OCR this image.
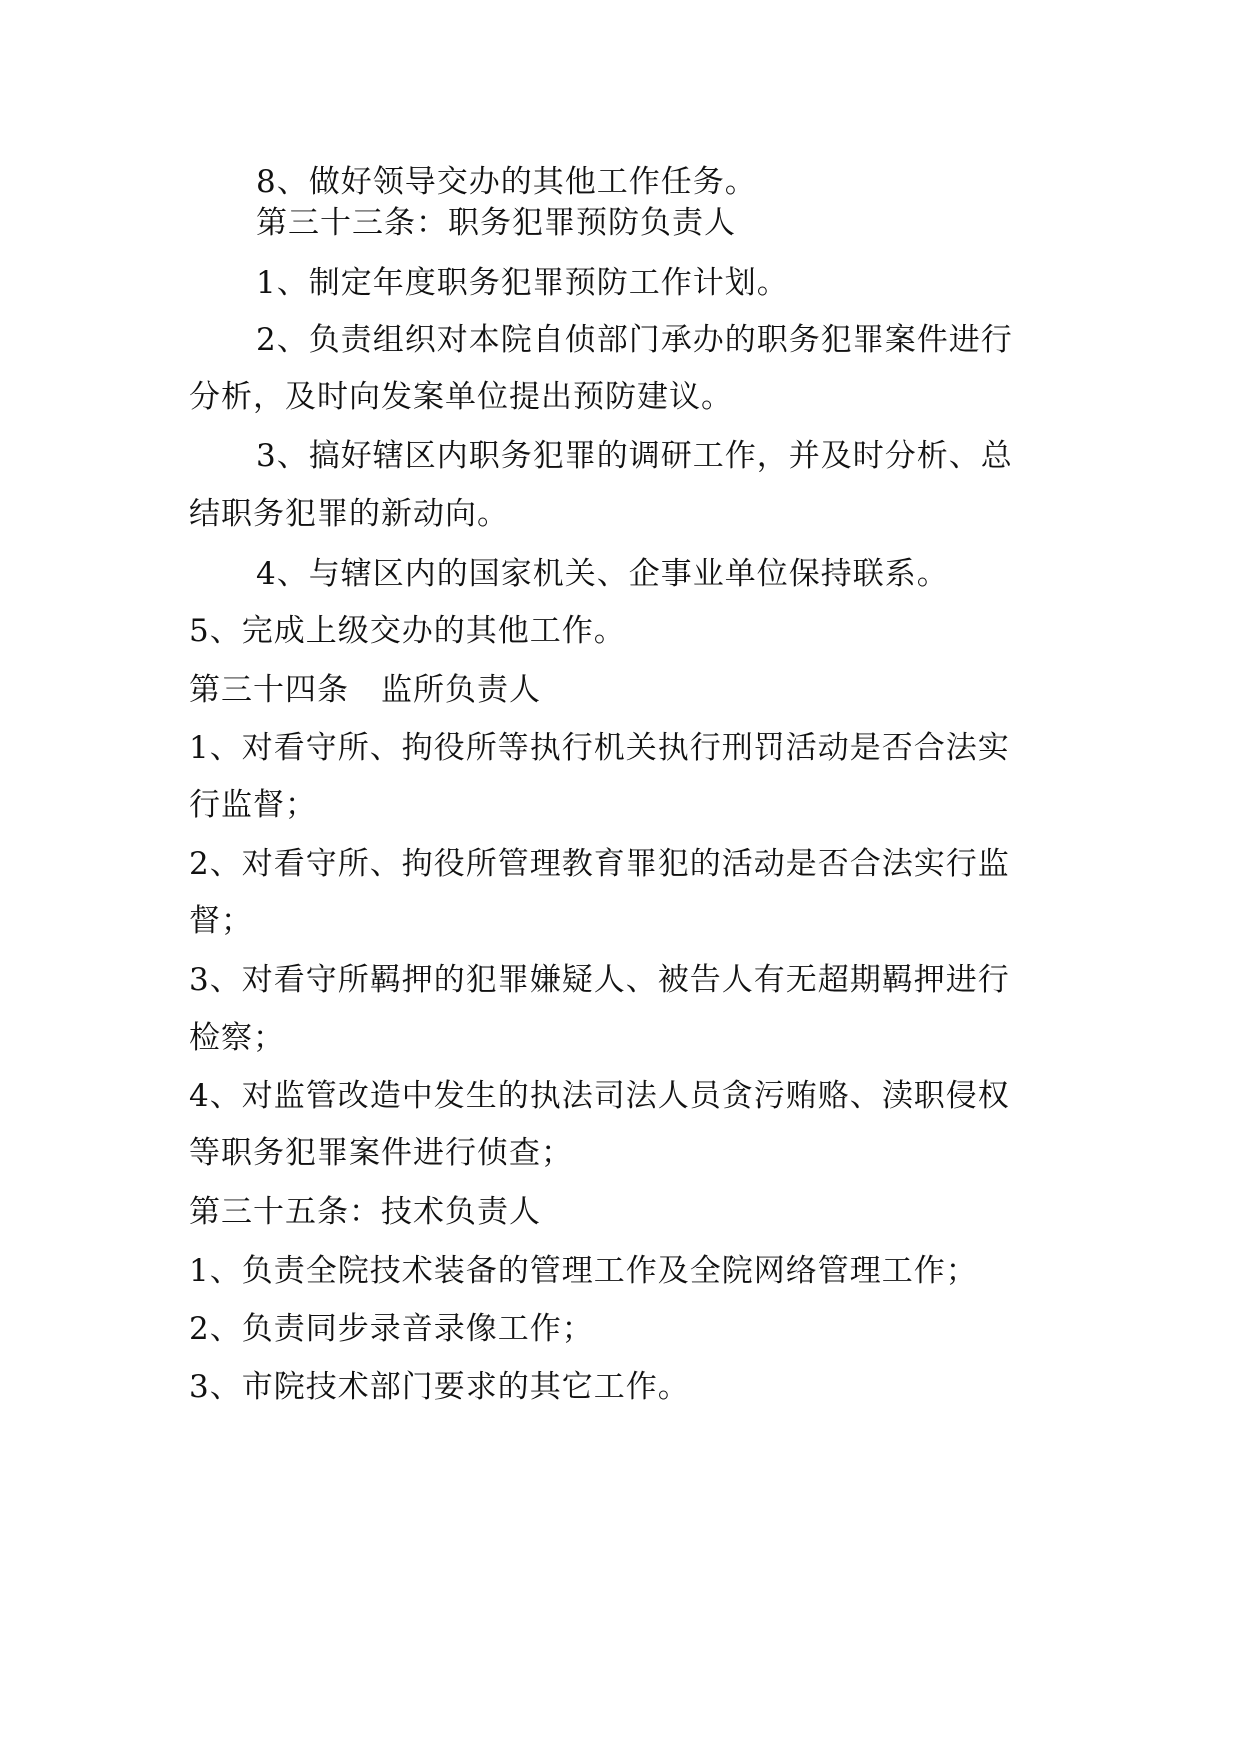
8、做好领导交办的其他工作任务。

第三十三条：职务犯罪预防负责人

1、制定年度职务犯罪预防工作计划。

2、负责组织对本院自侦部门承办的职务犯罪案件进行

分析，及时向发案单位提出预防建议。

3、搞好辖区内职务犯罪的调研工作，并及时分析、总

结职务犯罪的新动向。

4、与辖区内的国家机关、企事业单位保持联系。

5、完成上级交办的其他工作。

第三十四条　监所负责人

1、对看守所、拘役所等执行机关执行刑罚活动是否合法实

行监督；

2、对看守所、拘役所管理教育罪犯的活动是否合法实行监

督；

3、对看守所羁押的犯罪嫌疑人、被告人有无超期羁押进行

检察；

4、对监管改造中发生的执法司法人员贪污贿赂、渎职侵权

等职务犯罪案件进行侦查；

第三十五条：技术负责人

1、负责全院技术装备的管理工作及全院网络管理工作；

2、负责同步录音录像工作；

3、市院技术部门要求的其它工作。
